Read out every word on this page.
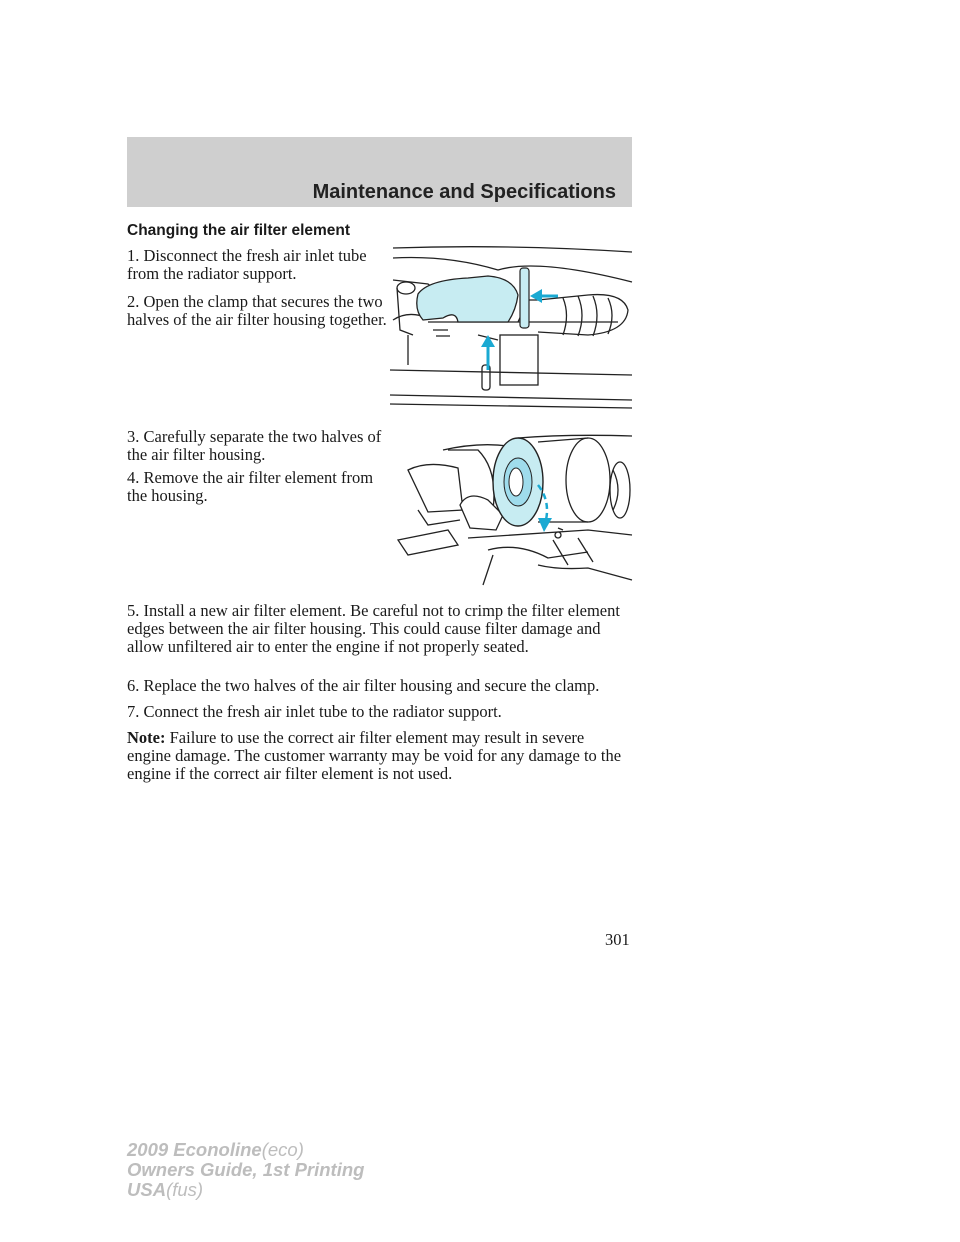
Maintenance and Specifications
Changing the air filter element

1. Disconnect the fresh air inlet tube from the radiator support.

2. Open the clamp that secures the two halves of the air filter housing together.

3. Carefully separate the two halves of the air filter housing.

4. Remove the air filter element from the housing.

5. Install a new air filter element. Be careful not to crimp the filter element edges between the air filter housing. This could cause filter damage and allow unfiltered air to enter the engine if not properly seated.

6. Replace the two halves of the air filter housing and secure the clamp.

7. Connect the fresh air inlet tube to the radiator support.

Note: Failure to use the correct air filter element may result in severe engine damage. The customer warranty may be void for any damage to the engine if the correct air filter element is not used.

301

2009 Econoline(eco)
Owners Guide, 1st Printing
USA(fus)
